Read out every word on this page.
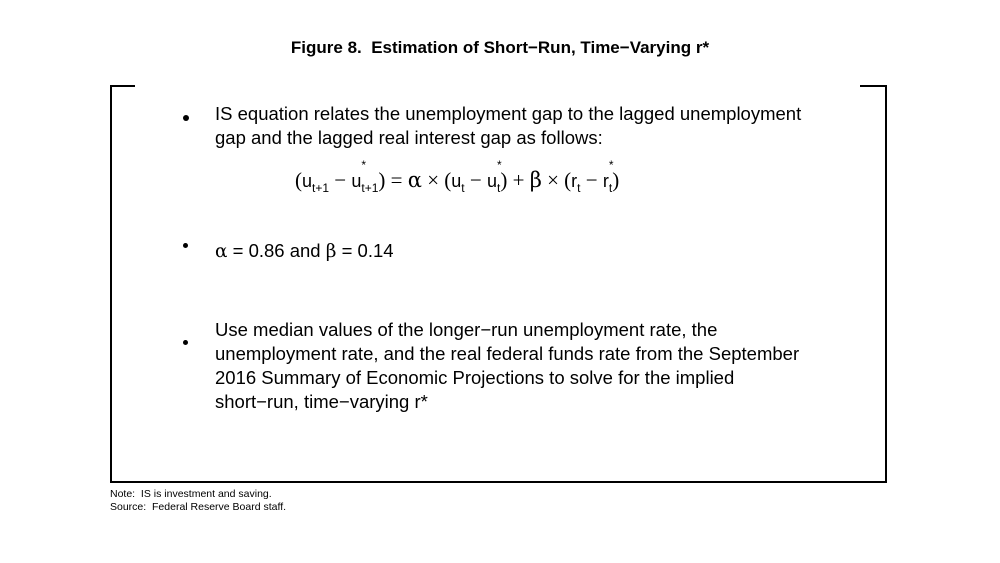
Figure 8.  Estimation of Short−Run, Time−Varying r*
IS equation relates the unemployment gap to the lagged unemployment
gap and the lagged real interest gap as follows:
($u_{t+1} - u$
*
$_{t+1}) = \alpha \times (u_t - u$
*
$_t) + \beta \times (r_t - r$
*
$_t$)
α = 0.86 and β = 0.14
Use median values of the longer−run unemployment rate, the
unemployment rate, and the real federal funds rate from the September
2016 Summary of Economic Projections to solve for the implied
short−run, time−varying r*
Note:  IS is investment and saving.
Source:  Federal Reserve Board staff.
